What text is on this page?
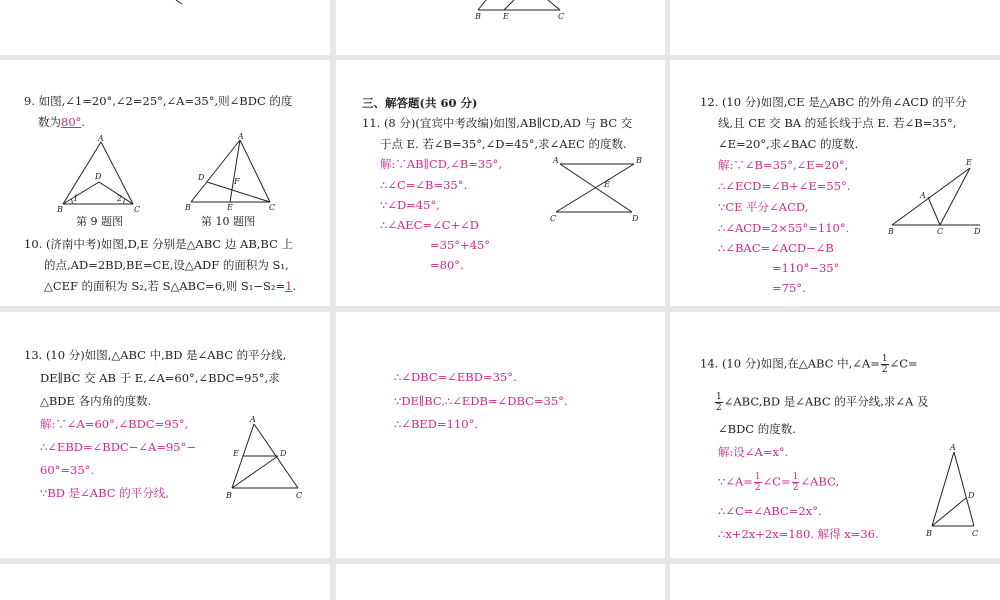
B	E	C
9. 如图,∠1=20°,∠2=25°,∠A=35°,则∠BDC 的度
数为80°.
A
D
B	C
1	2
第 9 题图
A
D	F
B	E	C
第 10 题图
10. (济南中考)如图,D,E 分别是△ABC 边 AB,BC 上
的点,AD=2BD,BE=CE,设△ADF 的面积为 S₁,
△CEF 的面积为 S₂,若 S△ABC=6,则 S₁−S₂=1.
三、解答题(共 60 分)
11. (8 分)(宜宾中考改编)如图,AB∥CD,AD 与 BC 交
于点 E. 若∠B=35°,∠D=45°,求∠AEC 的度数.
解:∵AB∥CD,∠B=35°,
∴∠C=∠B=35°.
∵∠D=45°,
∴∠AEC=∠C+∠D
=35°+45°
=80°.
A	B
E
C	D
12. (10 分)如图,CE 是△ABC 的外角∠ACD 的平分
线,且 CE 交 BA 的延长线于点 E. 若∠B=35°,
∠E=20°,求∠BAC 的度数.
解:∵∠B=35°,∠E=20°,
∴∠ECD=∠B+∠E=55°.
∵CE 平分∠ACD,
∴∠ACD=2×55°=110°.
∴∠BAC=∠ACD−∠B
=110°−35°
=75°.
E
A
B	C	D
13. (10 分)如图,△ABC 中,BD 是∠ABC 的平分线,
DE∥BC 交 AB 于 E,∠A=60°,∠BDC=95°,求
△BDE 各内角的度数.
解:∵∠A=60°,∠BDC=95°,
∴∠EBD=∠BDC−∠A=95°−
60°=35°.
∵BD 是∠ABC 的平分线,
A
E	D
B	C
∴∠DBC=∠EBD=35°.
∵DE∥BC,∴∠EDB=∠DBC=35°.
∴∠BED=110°.
14. (10 分)如图,在△ABC 中,∠A= $\frac{1}{2}$ ∠C=
$\frac{1}{2}$ ∠ABC,BD 是∠ABC 的平分线,求∠A 及
∠BDC 的度数.
解:设∠A=x°.
∵∠A= $\frac{1}{2}$ ∠C= $\frac{1}{2}$ ∠ABC,
∴∠C=∠ABC=2x°.
∴x+2x+2x=180. 解得 x=36.
A
D
B	C
